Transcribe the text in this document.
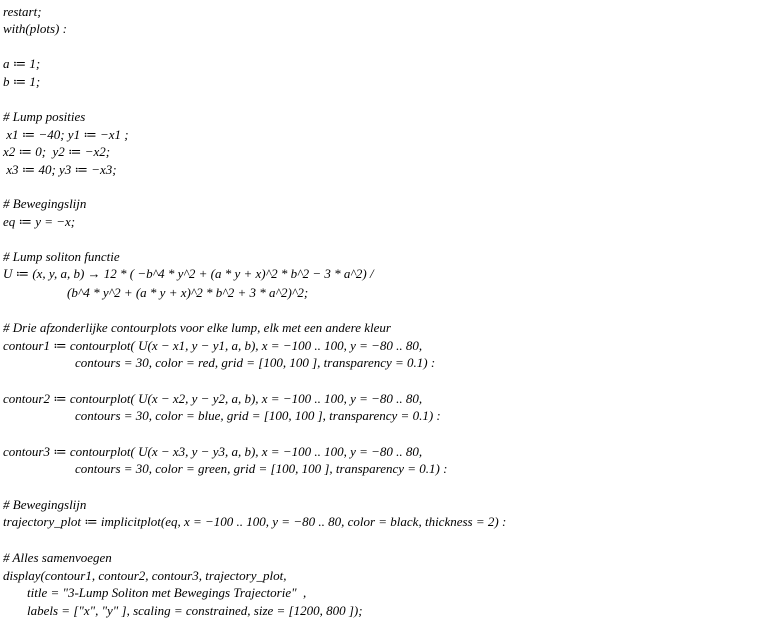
restart;
with(plots) :
a ≔ 1;
b ≔ 1;
# Lump posities
x1 ≔ −40; y1 ≔ −x1 ;
x2 ≔ 0;  y2 ≔ −x2;
x3 ≔ 40; y3 ≔ −x3;
# Bewegingslijn
eq ≔ y = −x;
# Lump soliton functie
U ≔ (x, y, a, b) → 12 * ( −b^4 * y^2 + (a * y + x)^2 * b^2 − 3 * a^2) /
(b^4 * y^2 + (a * y + x)^2 * b^2 + 3 * a^2)^2;
# Drie afzonderlijke contourplots voor elke lump, elk met een andere kleur
contour1 ≔ contourplot( U(x − x1, y − y1, a, b), x = −100 .. 100, y = −80 .. 80,
contours = 30, color = red, grid = [100, 100 ], transparency = 0.1) :
contour2 ≔ contourplot( U(x − x2, y − y2, a, b), x = −100 .. 100, y = −80 .. 80,
contours = 30, color = blue, grid = [100, 100 ], transparency = 0.1) :
contour3 ≔ contourplot( U(x − x3, y − y3, a, b), x = −100 .. 100, y = −80 .. 80,
contours = 30, color = green, grid = [100, 100 ], transparency = 0.1) :
# Bewegingslijn
trajectory_plot ≔ implicitplot(eq, x = −100 .. 100, y = −80 .. 80, color = black, thickness = 2) :
# Alles samenvoegen
display(contour1, contour2, contour3, trajectory_plot,
title = "3-Lump Soliton met Bewegings Trajectorie"  ,
labels = ["x", "y" ], scaling = constrained, size = [1200, 800 ]);
